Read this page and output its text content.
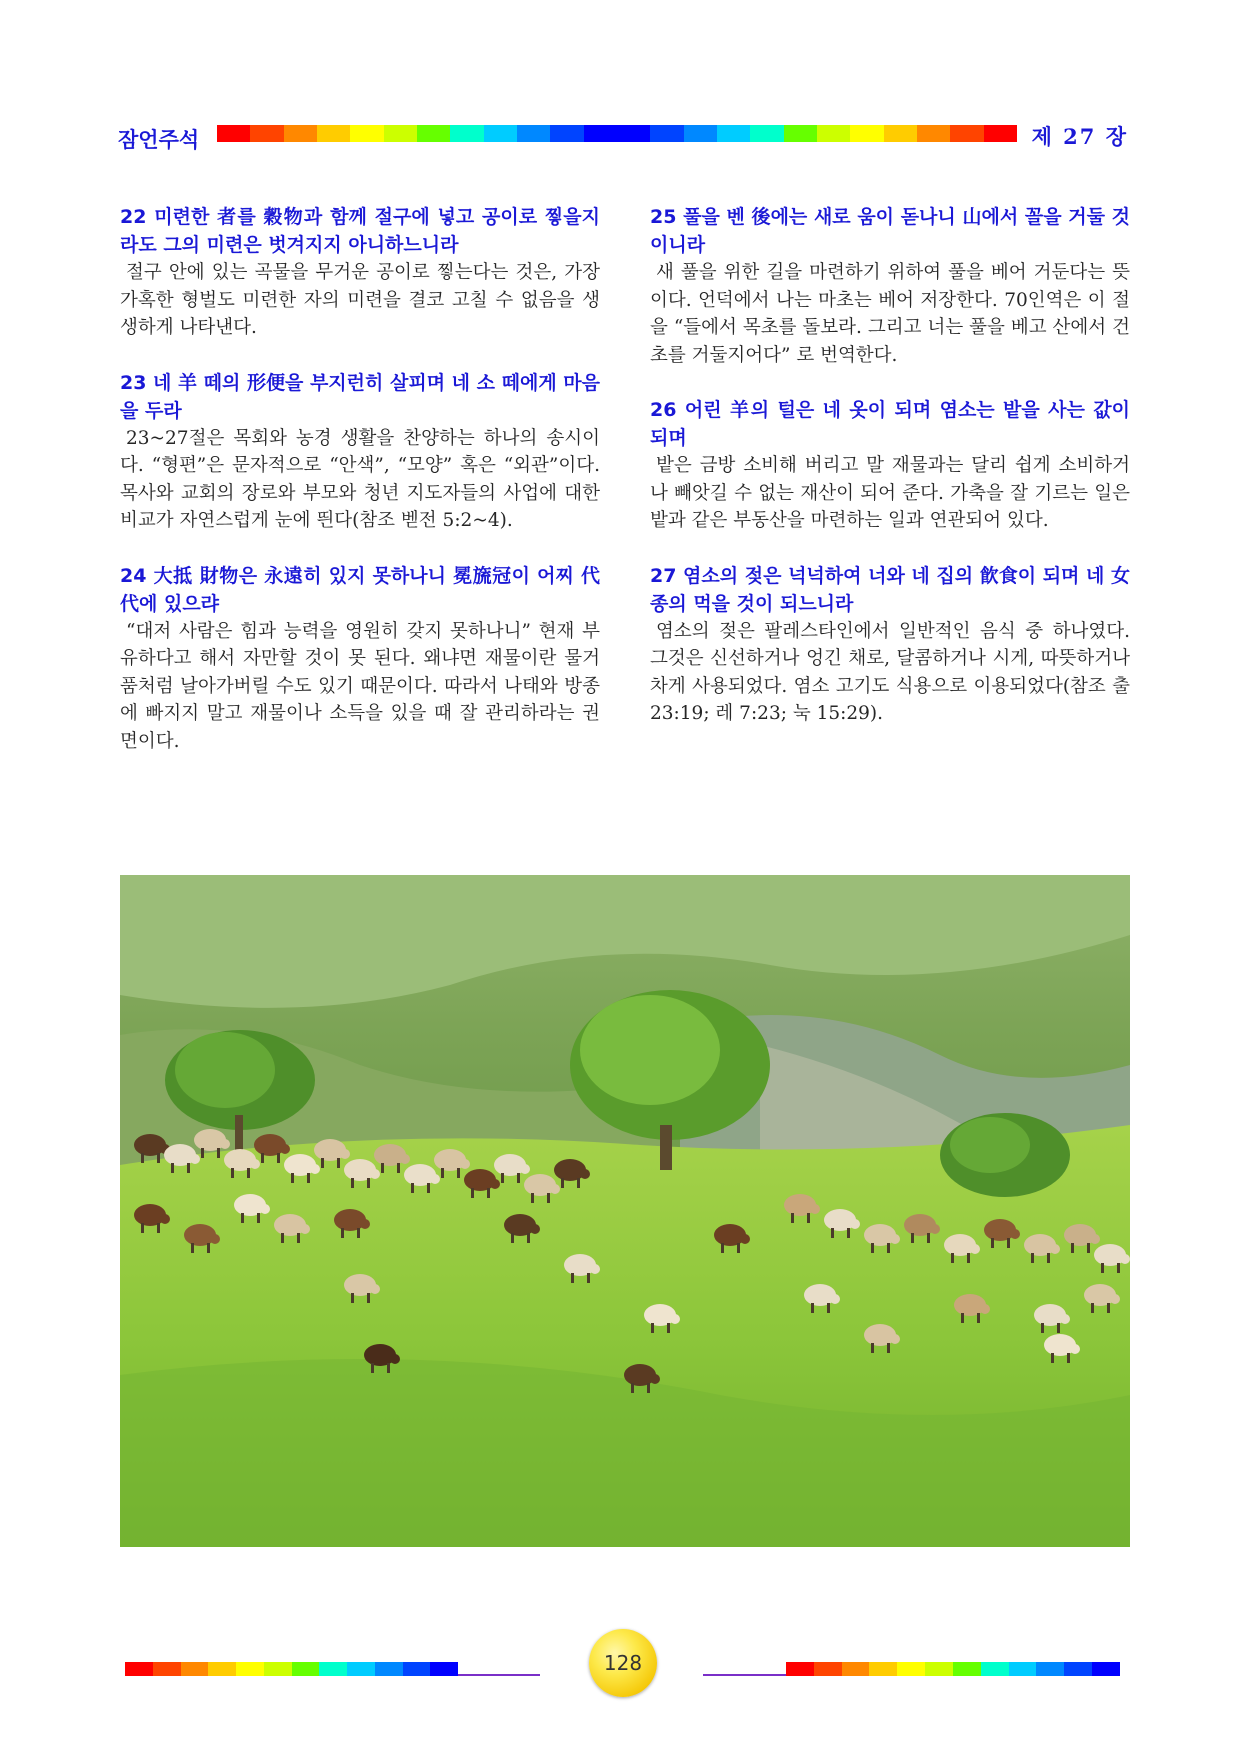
잠언주석	제 27 장
22 미련한 者를 穀物과 함께 절구에 넣고 공이로 찧을지라도 그의 미련은 벗겨지지 아니하느니라
절구 안에 있는 곡물을 무거운 공이로 찧는다는 것은, 가장 가혹한 형벌도 미련한 자의 미련을 결코 고칠 수 없음을 생생하게 나타낸다.
23 네 羊 떼의 形便을 부지런히 살피며 네 소 떼에게 마음을 두라
23~27절은 목회와 농경 생활을 찬양하는 하나의 송시이다. “형편”은 문자적으로 “안색”, “모양” 혹은 “외관”이다. 목사와 교회의 장로와 부모와 청년 지도자들의 사업에 대한 비교가 자연스럽게 눈에 띈다(참조 벧전 5:2~4).
24 大抵 財物은 永遠히 있지 못하나니 冕旒冠이 어찌 代代에 있으랴
“대저 사람은 힘과 능력을 영원히 갖지 못하나니” 현재 부유하다고 해서 자만할 것이 못 된다. 왜냐면 재물이란 물거품처럼 날아가버릴 수도 있기 때문이다. 따라서 나태와 방종에 빠지지 말고 재물이나 소득을 있을 때 잘 관리하라는 권면이다.
25 풀을 벤 後에는 새로 움이 돋나니 山에서 꼴을 거둘 것이니라
새 풀을 위한 길을 마련하기 위하여 풀을 베어 거둔다는 뜻이다. 언덕에서 나는 마초는 베어 저장한다. 70인역은 이 절을 “들에서 목초를 돌보라. 그리고 너는 풀을 베고 산에서 건초를 거둘지어다” 로 번역한다.
26 어린 羊의 털은 네 옷이 되며 염소는 밭을 사는 값이 되며
밭은 금방 소비해 버리고 말 재물과는 달리 쉽게 소비하거나 빼앗길 수 없는 재산이 되어 준다. 가축을 잘 기르는 일은 밭과 같은 부동산을 마련하는 일과 연관되어 있다.
27 염소의 젖은 넉넉하여 너와 네 집의 飮食이 되며 네 女종의 먹을 것이 되느니라
염소의 젖은 팔레스타인에서 일반적인 음식 중 하나였다. 그것은 신선하거나 엉긴 채로, 달콤하거나 시게, 따뜻하거나 차게 사용되었다. 염소 고기도 식용으로 이용되었다(참조 출 23:19; 레 7:23; 눅 15:29).
128
